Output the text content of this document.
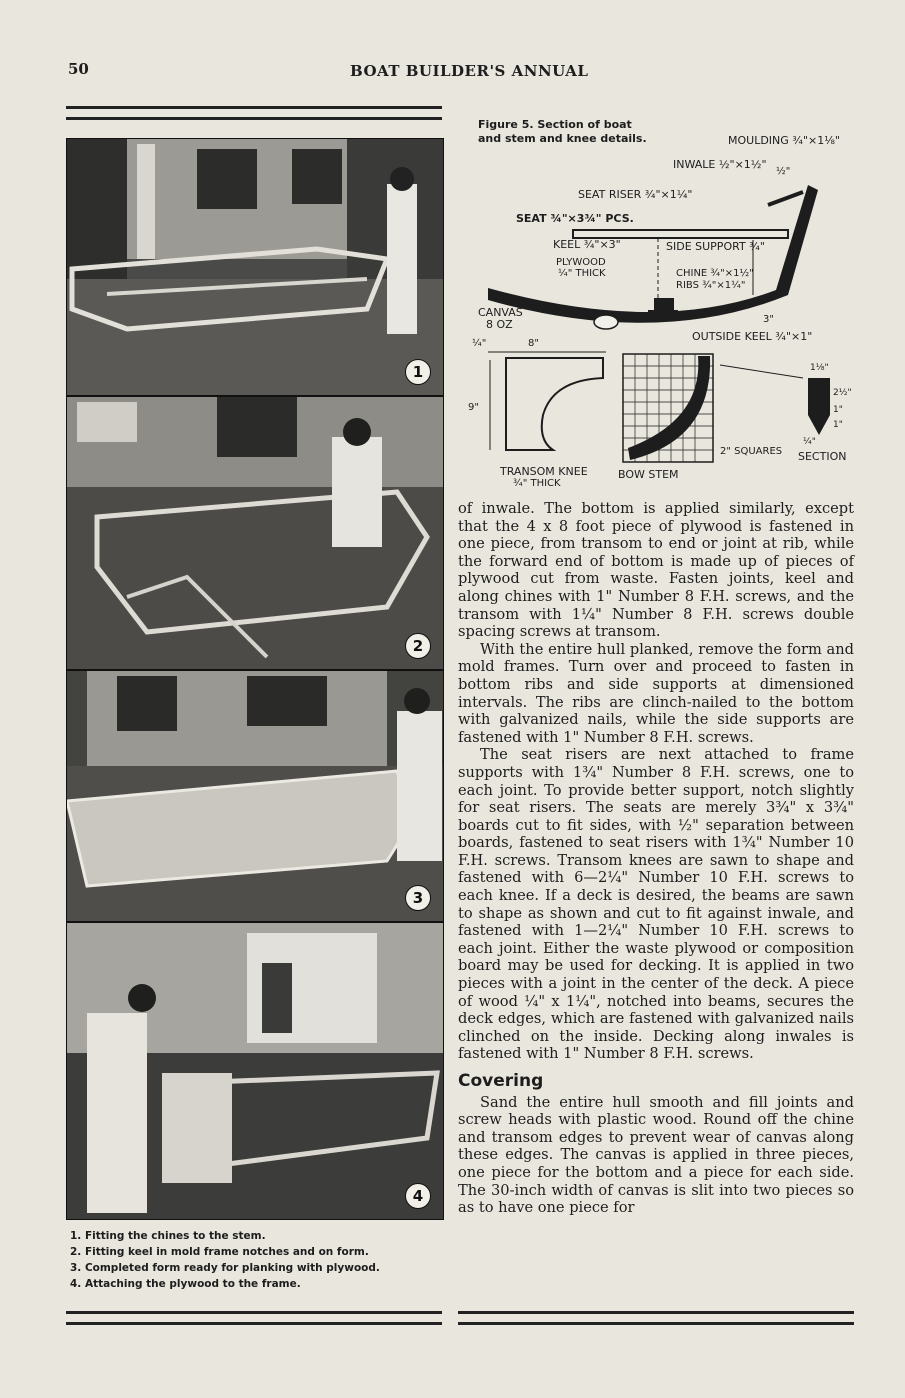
50	BOAT BUILDER'S ANNUAL
1
2
3
4
1. Fitting the chines to the stem.
2. Fitting keel in mold frame notches and on form.
3. Completed form ready for planking with plywood.
4. Attaching the plywood to the frame.
Figure 5. Section of boat
and stem and knee details.	MOULDING ¾"×1⅛"
INWALE ½"×1½"
½"
SEAT RISER ¾"×1¼"
SEAT ¾"×3¾" PCS.
KEEL ¾"×3"	SIDE SUPPORT ¾"
PLYWOOD
¼" THICK	CHINE ¾"×1½"
RIBS ¾"×1¼"
CANVAS
8 OZ	3"
OUTSIDE KEEL ¾"×1"
¼"	8"
9"
TRANSOM KNEE
¾" THICK
BOW STEM
2" SQUARES
1⅛"
2½"
1"
1"
¼"
SECTION

of inwale. The bottom is applied similarly, except that the 4 x 8 foot piece of plywood is fastened in one piece, from transom to end or joint at rib, while the forward end of bottom is made up of pieces of plywood cut from waste. Fasten joints, keel and along chines with 1" Number 8 F.H. screws, and the transom with 1¼" Number 8 F.H. screws double spacing screws at transom.

With the entire hull planked, remove the form and mold frames. Turn over and proceed to fasten in bottom ribs and side supports at dimensioned intervals. The ribs are clinch-nailed to the bottom with galvanized nails, while the side supports are fastened with 1" Number 8 F.H. screws.

The seat risers are next attached to frame supports with 1¾" Number 8 F.H. screws, one to each joint. To provide better support, notch slightly for seat risers. The seats are merely 3¾" x 3¾" boards cut to fit sides, with ½" separation between boards, fastened to seat risers with 1¾" Number 10 F.H. screws. Transom knees are sawn to shape and fastened with 6—2¼" Number 10 F.H. screws to each knee. If a deck is desired, the beams are sawn to shape as shown and cut to fit against inwale, and fastened with 1—2¼" Number 10 F.H. screws to each joint. Either the waste plywood or composition board may be used for decking. It is applied in two pieces with a joint in the center of the deck. A piece of wood ¼" x 1¼", notched into beams, secures the deck edges, which are fastened with galvanized nails clinched on the inside. Decking along inwales is fastened with 1" Number 8 F.H. screws.

Covering

Sand the entire hull smooth and fill joints and screw heads with plastic wood. Round off the chine and transom edges to prevent wear of canvas along these edges. The canvas is applied in three pieces, one piece for the bottom and a piece for each side. The 30-inch width of canvas is slit into two pieces so as to have one piece for
